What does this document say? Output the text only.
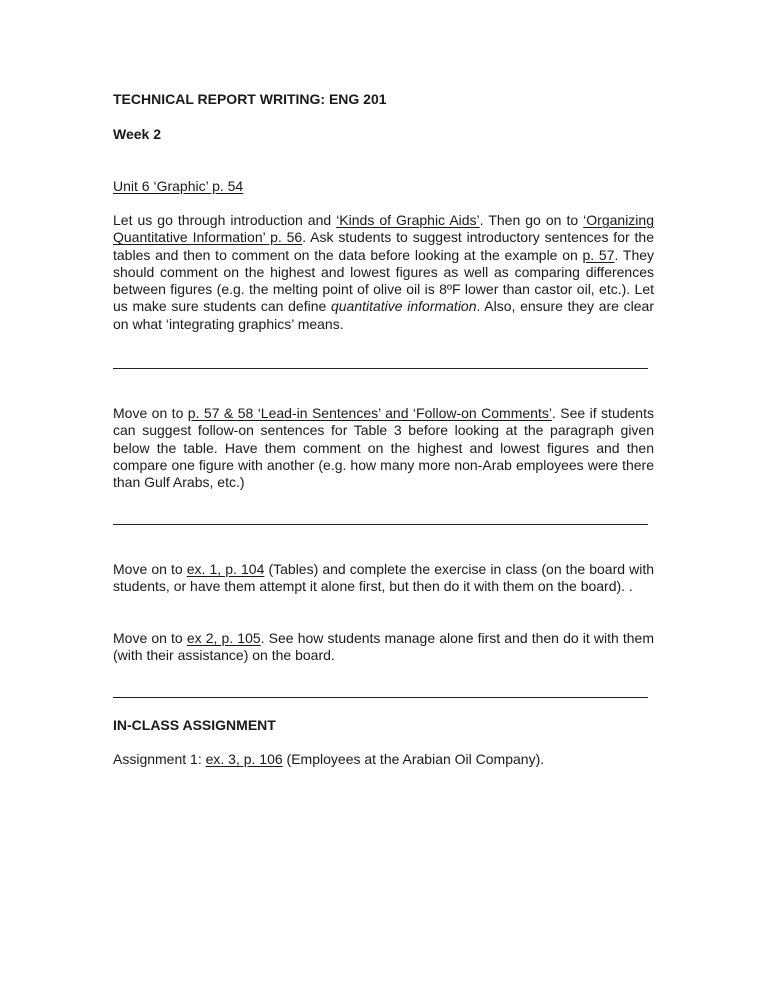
TECHNICAL REPORT WRITING: ENG 201
Week 2
Unit 6 ‘Graphic’ p. 54
Let us go through introduction and ‘Kinds of Graphic Aids’. Then go on to ‘Organizing Quantitative Information’ p. 56. Ask students to suggest introductory sentences for the tables and then to comment on the data before looking at the example on p. 57. They should comment on the highest and lowest figures as well as comparing differences between figures (e.g. the melting point of olive oil is 8ºF lower than castor oil, etc.). Let us make sure students can define quantitative information. Also, ensure they are clear on what ‘integrating graphics’ means.
Move on to p. 57 & 58 ‘Lead-in Sentences’ and ‘Follow-on Comments’. See if students can suggest follow-on sentences for Table 3 before looking at the paragraph given below the table. Have them comment on the highest and lowest figures and then compare one figure with another (e.g. how many more non-Arab employees were there than Gulf Arabs, etc.)
Move on to ex. 1, p. 104 (Tables) and complete the exercise in class (on the board with students, or have them attempt it alone first, but then do it with them on the board). .
Move on to ex 2, p. 105. See how students manage alone first and then do it with them (with their assistance) on the board.
IN-CLASS ASSIGNMENT
Assignment 1: ex. 3, p. 106 (Employees at the Arabian Oil Company).
